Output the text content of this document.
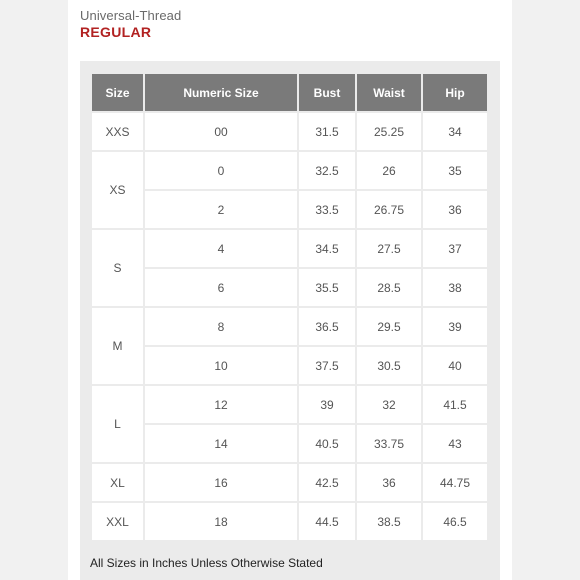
Universal-Thread
REGULAR
Size	Numeric Size	Bust	Waist	Hip
XXS	00	31.5	25.25	34
XS	0	32.5	26	35
	2	33.5	26.75	36
S	4	34.5	27.5	37
	6	35.5	28.5	38
M	8	36.5	29.5	39
	10	37.5	30.5	40
L	12	39	32	41.5
	14	40.5	33.75	43
XL	16	42.5	36	44.75
XXL	18	44.5	38.5	46.5
All Sizes in Inches Unless Otherwise Stated
